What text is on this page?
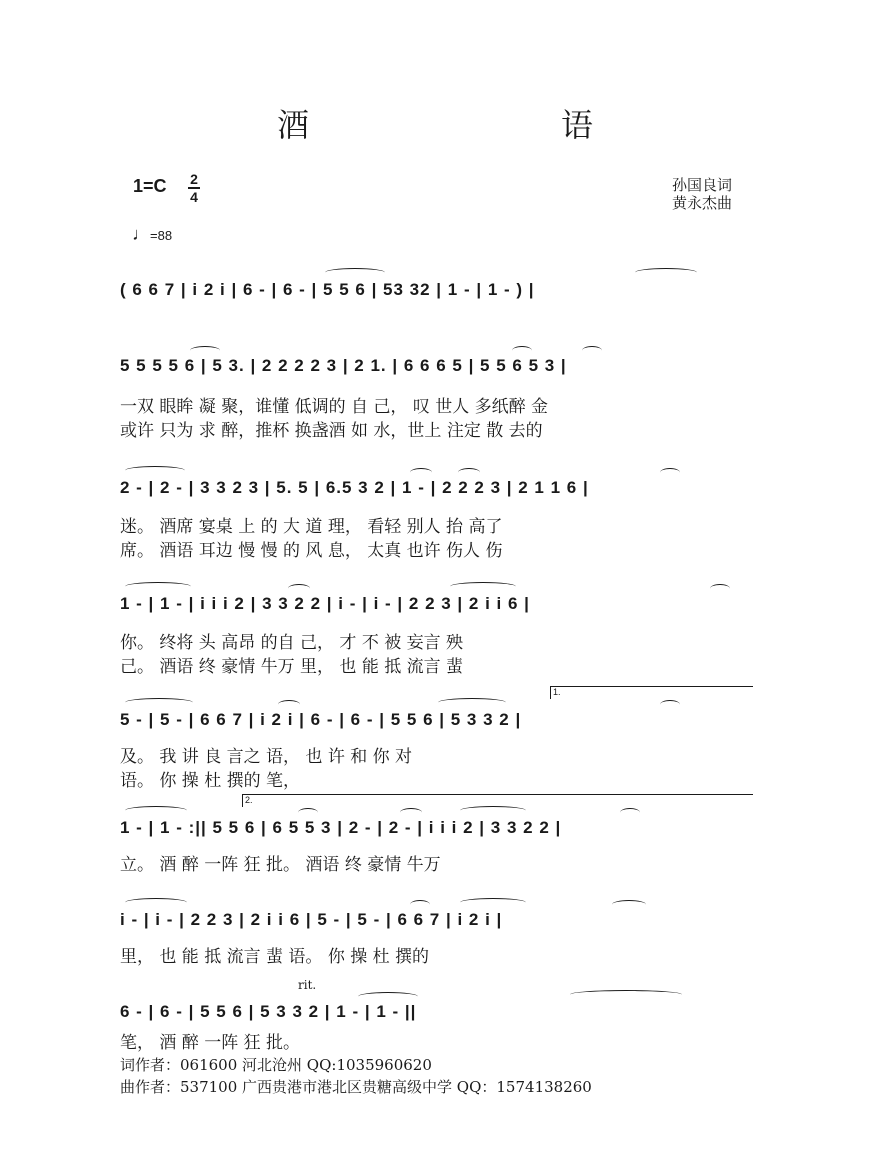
酒　语
1=C 2
4
孙国良词
黄永杰曲
♩=88
( 6 6 7 | i 2 i | 6 - | 6 - | 5 5 6 | 53 32 | 1 - | 1 - ) |
5 5 5 5 6 | 5 3. | 2 2 2 2 3 | 2 1. | 6 6 6 5 | 5 5 6 5 3 |
一双 眼眸 凝 聚，谁懂 低调的 自 己， 叹 世人 多纸醉 金
或许 只为 求 醉，推杯 换盏酒 如 水，世上 注定 散 去的
2 - | 2 - | 3 3 2 3 | 5. 5 | 6.5 3 2 | 1 - | 2 2 2 3 | 2 1 1 6 |
迷。 酒席 宴桌 上 的 大 道 理， 看轻 别人 抬 高了
席。 酒语 耳边 慢 慢 的 风 息， 太真 也许 伤人 伤
1 - | 1 - | i i i 2 | 3 3 2 2 | i - | i - | 2 2 3 | 2 i i 6 |
你。 终将 头 高昂 的自 己， 才 不 被 妄言 殃
己。 酒语 终 豪情 牛万 里， 也 能 抵 流言 蜚
1.
5 - | 5 - | 6 6 7 | i 2 i | 6 - | 6 - | 5 5 6 | 5 3 3 2 |
及。 我 讲 良 言之 语， 也 许 和 你 对
语。 你 操 杜 撰的 笔，
2.
1 - | 1 - :|| 5 5 6 | 6 5 5 3 | 2 - | 2 - | i i i 2 | 3 3 2 2 |
立。 酒 醉 一阵 狂 批。 酒语 终 豪情 牛万
i - | i - | 2 2 3 | 2 i i 6 | 5 - | 5 - | 6 6 7 | i 2 i |
里， 也 能 抵 流言 蜚 语。 你 操 杜 撰的
rit.
6 - | 6 - | 5 5 6 | 5 3 3 2 | 1 - | 1 - ||
笔， 酒 醉 一阵 狂 批。
词作者：061600 河北沧州 QQ:1035960620
曲作者：537100 广西贵港市港北区贵糖高级中学 QQ：1574138260
